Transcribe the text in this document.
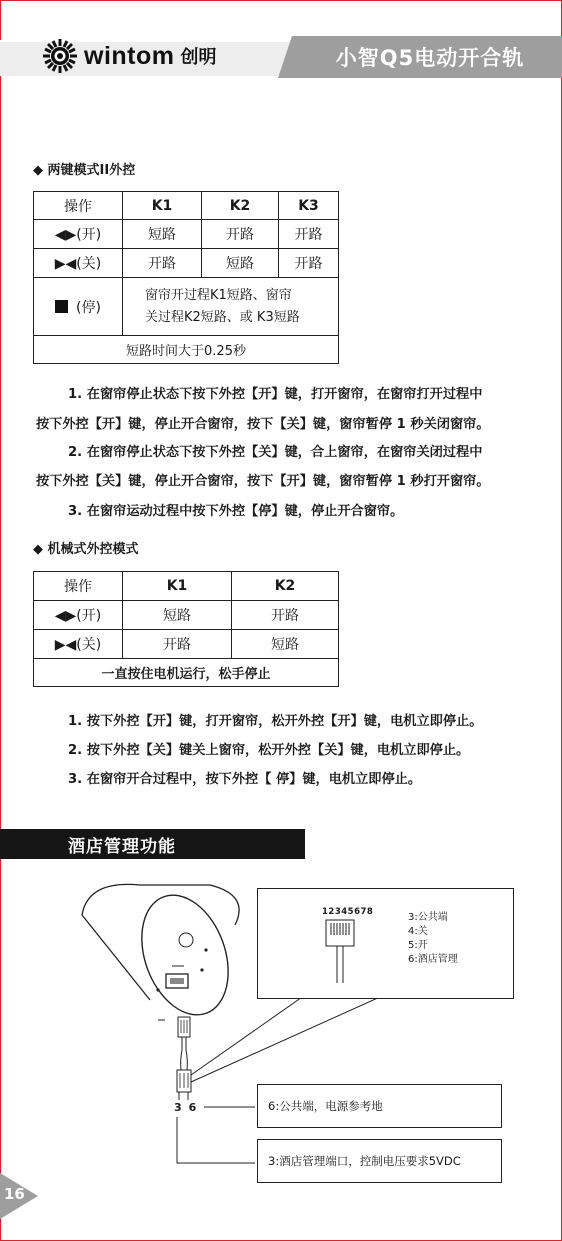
wintom 创明	小智Q5电动开合轨
◆ 两键模式II外控
操作	K1	K2	K3
◀▶(开)	短路	开路	开路
▶◀(关)	开路	短路	开路
(停)	窗帘开过程K1短路、窗帘
关过程K2短路、或 K3短路		

短路时间大于0.25秒			
1. 在窗帘停止状态下按下外控【开】键，打开窗帘，在窗帘打开过程中
按下外控【开】键，停止开合窗帘，按下【关】键，窗帘暂停 1 秒关闭窗帘。
2. 在窗帘停止状态下按下外控【关】键，合上窗帘，在窗帘关闭过程中
按下外控【关】键，停止开合窗帘，按下【开】键，窗帘暂停 1 秒打开窗帘。
3. 在窗帘运动过程中按下外控【停】键，停止开合窗帘。
◆ 机械式外控模式
操作	K1	K2
◀▶(开)	短路	开路
▶◀(关)	开路	短路
一直按住电机运行，松手停止		
1. 按下外控【开】键，打开窗帘，松开外控【开】键，电机立即停止。
2. 按下外控【关】键关上窗帘，松开外控【关】键，电机立即停止。
3. 在窗帘开合过程中，按下外控【 停】键，电机立即停止。
酒店管理功能
36
12345678	3:公共端
4:关
5:开
6:酒店管理
6:公共端，电源参考地
3:酒店管理端口，控制电压要求5VDC
16
